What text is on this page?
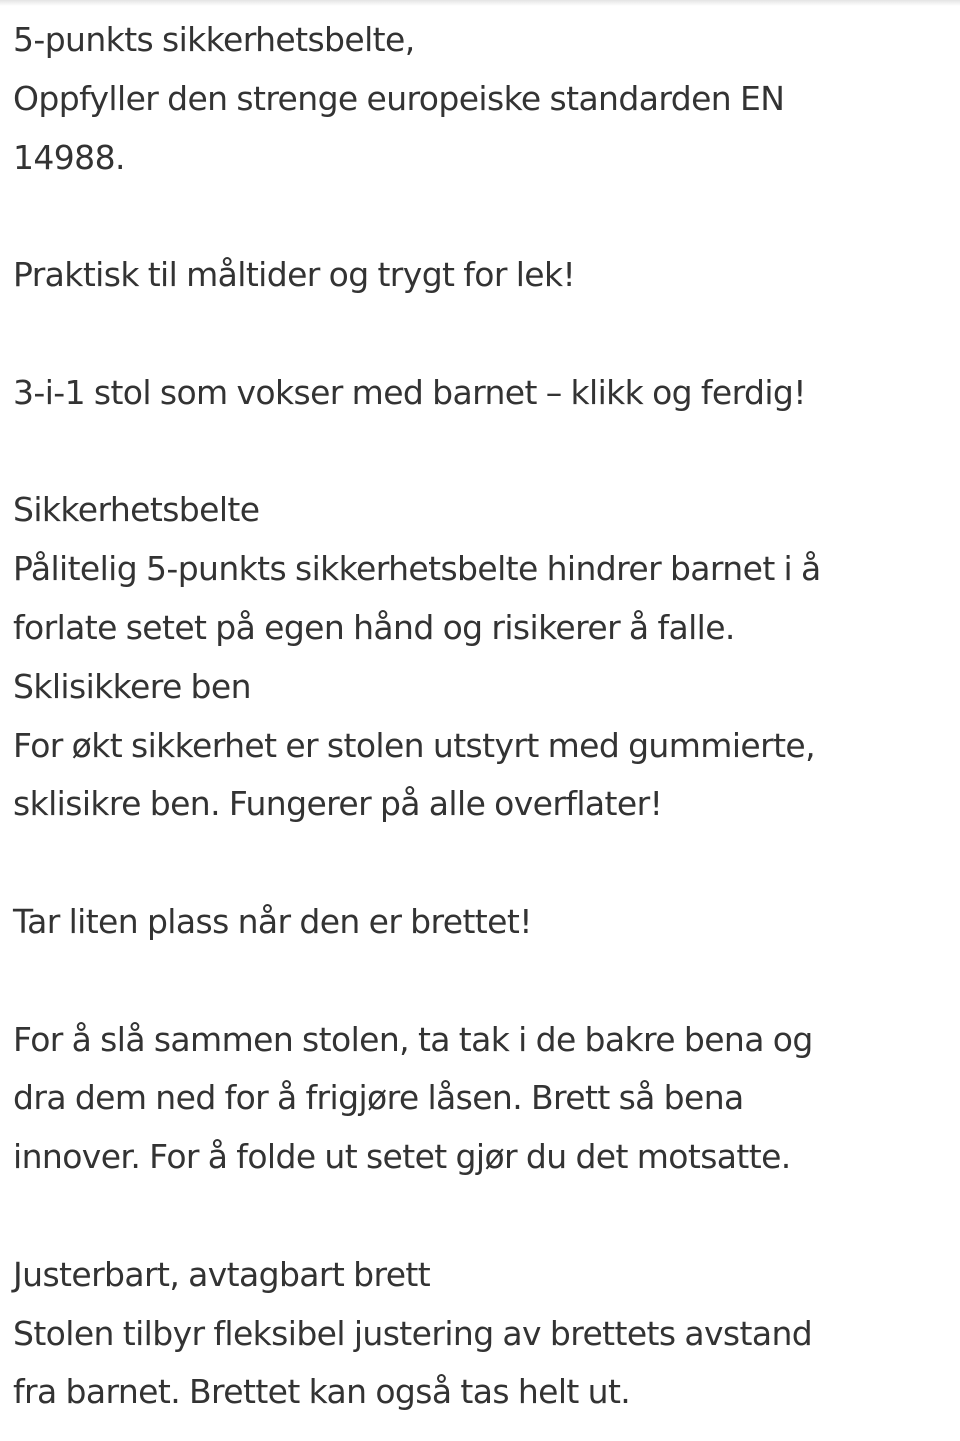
5-punkts sikkerhetsbelte,
Oppfyller den strenge europeiske standarden EN
14988.
Praktisk til måltider og trygt for lek!
3-i-1 stol som vokser med barnet – klikk og ferdig!
Sikkerhetsbelte
Pålitelig 5-punkts sikkerhetsbelte hindrer barnet i å
forlate setet på egen hånd og risikerer å falle.
Sklisikkere ben
For økt sikkerhet er stolen utstyrt med gummierte,
sklisikre ben. Fungerer på alle overflater!
Tar liten plass når den er brettet!
For å slå sammen stolen, ta tak i de bakre bena og
dra dem ned for å frigjøre låsen. Brett så bena
innover. For å folde ut setet gjør du det motsatte.
Justerbart, avtagbart brett
Stolen tilbyr fleksibel justering av brettets avstand
fra barnet. Brettet kan også tas helt ut.
